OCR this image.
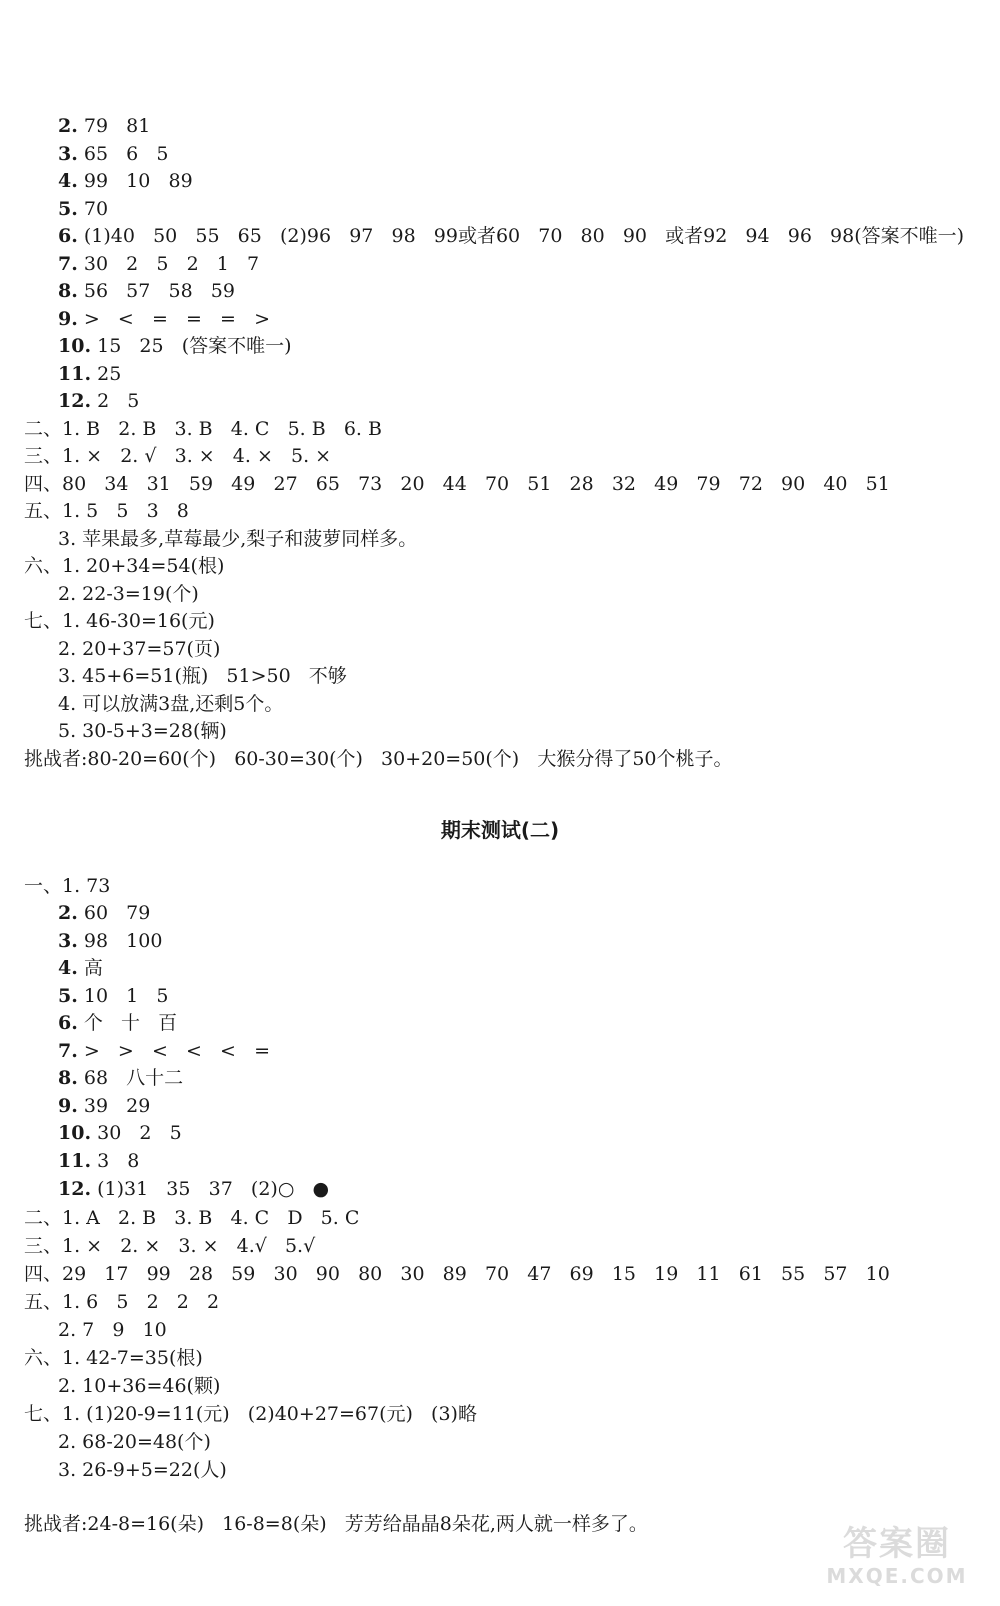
2. 79   81
3. 65   6   5
4. 99   10   89
5. 70
6. (1)40   50   55   65   (2)96   97   98   99或者60   70   80   90   或者92   94   96   98(答案不唯一)
7. 30   2   5   2   1   7
8. 56   57   58   59
9. >   <   =   =   =   >
10. 15   25   (答案不唯一)
11. 25
12. 2   5
二、1. B   2. B   3. B   4. C   5. B   6. B
三、1. ×   2. √   3. ×   4. ×   5. ×
四、80   34   31   59   49   27   65   73   20   44   70   51   28   32   49   79   72   90   40   51
五、1. 5   5   3   8
3. 苹果最多,草莓最少,梨子和菠萝同样多。
六、1. 20+34=54(根)
2. 22-3=19(个)
七、1. 46-30=16(元)
2. 20+37=57(页)
3. 45+6=51(瓶)   51>50   不够
4. 可以放满3盘,还剩5个。
5. 30-5+3=28(辆)
挑战者:80-20=60(个)   60-30=30(个)   30+20=50(个)   大猴分得了50个桃子。
期末测试(二)
一、1. 73
2. 60   79
3. 98   100
4. 高
5. 10   1   5
6. 个   十   百
7. >   >   <   <   <   =
8. 68   八十二
9. 39   29
10. 30   2   5
11. 3   8
12. (1)31   35   37   (2)○   ●
二、1. A   2. B   3. B   4. C   D   5. C
三、1. ×   2. ×   3. ×   4.√   5.√
四、29   17   99   28   59   30   90   80   30   89   70   47   69   15   19   11   61   55   57   10
五、1. 6   5   2   2   2
2. 7   9   10
六、1. 42-7=35(根)
2. 10+36=46(颗)
七、1. (1)20-9=11(元)   (2)40+27=67(元)   (3)略
2. 68-20=48(个)
3. 26-9+5=22(人)
挑战者:24-8=16(朵)   16-8=8(朵)   芳芳给晶晶8朵花,两人就一样多了。	答案圈
MXQE.COM
